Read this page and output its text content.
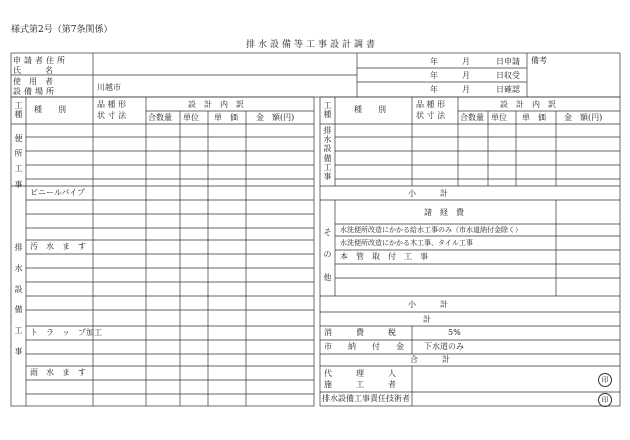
様式第2号（第7条関係）
排水設備等工事設計調書
申請者住所
氏　　　名
使　用　者
設備場所	川越市
年	月	日申請
年	月	日収受
年	月	日確認
備考
工種
種　　別
品 種 形
状 寸 法
設　計　内　訳
合数量 単位 単　価 金　額(円)
便所工事
排水設備工事
ビニールパイプ
汚　水　ま　す
ト　ラ　ッ　プ加工
雨　水　ま　す
工種
種　　別
品 種 形
状 寸 法
設　計　内　訳
合数量 単位 単　価 金　額(円)
排水設備工事
小　　　計
諸　経　費
その他
水洗便所改造にかかる給水工事のみ（市水道納付金除く）
水洗便所改造にかかる木工事、タイル工事
本　管　取　付　工　事
小　　　計
計
消　　　費　　　税	5%
市　　納　　付　　金	下水道のみ
合　　　計
代　　　理　　　人
施　　　工　　　者	印
排水設備工事責任技術者	印
